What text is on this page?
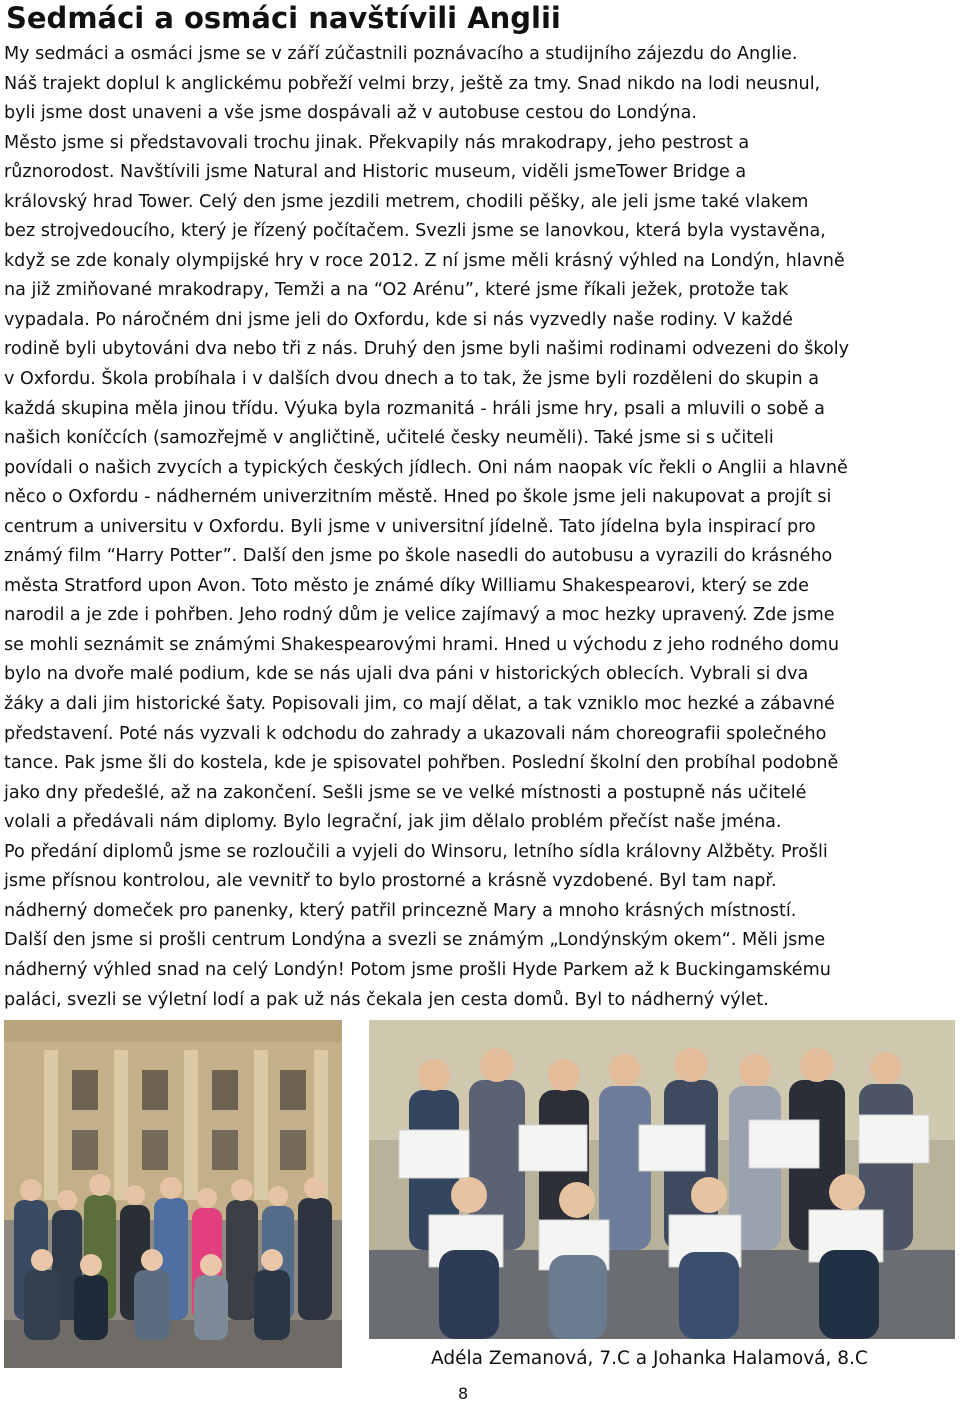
Sedmáci a osmáci navštívili Anglii
My sedmáci a osmáci jsme se v září zúčastnili poznávacího a studijního zájezdu do Anglie.
Náš trajekt doplul k anglickému pobřeží velmi brzy, ještě za tmy. Snad nikdo na lodi neusnul,
byli jsme dost unaveni a vše jsme dospávali až v autobuse cestou do Londýna.
Město jsme si představovali trochu jinak. Překvapily nás mrakodrapy, jeho pestrost a
různorodost. Navštívili jsme Natural and Historic museum, viděli jsmeTower Bridge a
královský hrad Tower. Celý den jsme jezdili metrem, chodili pěšky, ale jeli jsme také vlakem
bez strojvedoucího, který je řízený počítačem. Svezli jsme se lanovkou, která byla vystavěna,
když se zde konaly olympijské hry v roce 2012. Z ní jsme měli krásný výhled na Londýn, hlavně
na již zmiňované mrakodrapy, Temži a na “O2 Arénu”, které jsme říkali ježek, protože tak
vypadala. Po náročném dni jsme jeli do Oxfordu, kde si nás vyzvedly naše rodiny. V každé
rodině byli ubytováni dva nebo tři z nás. Druhý den jsme byli našimi rodinami odvezeni do školy
v Oxfordu. Škola probíhala i v dalších dvou dnech a to tak, že jsme byli rozděleni do skupin a
každá skupina měla jinou třídu. Výuka byla rozmanitá - hráli jsme hry, psali a mluvili o sobě a
našich koníčcích (samozřejmě v angličtině, učitelé česky neuměli). Také jsme si s učiteli
povídali o našich zvycích a typických českých jídlech. Oni nám naopak víc řekli o Anglii a hlavně
něco o Oxfordu - nádherném univerzitním městě. Hned po škole jsme jeli nakupovat a projít si
centrum a universitu v Oxfordu. Byli jsme v universitní jídelně. Tato jídelna byla inspirací pro
známý film “Harry Potter”. Další den jsme po škole nasedli do autobusu a vyrazili do krásného
města Stratford upon Avon. Toto město je známé díky Williamu Shakespearovi, který se zde
narodil a je zde i pohřben. Jeho rodný dům je velice zajímavý a moc hezky upravený. Zde jsme
se mohli seznámit se známými Shakespearovými hrami. Hned u východu z jeho rodného domu
bylo na dvoře malé podium, kde se nás ujali dva páni v historických oblecích. Vybrali si dva
žáky a dali jim historické šaty. Popisovali jim, co mají dělat, a tak vzniklo moc hezké a zábavné
představení. Poté nás vyzvali k odchodu do zahrady a ukazovali nám choreografii společného
tance. Pak jsme šli do kostela, kde je spisovatel pohřben. Poslední školní den probíhal podobně
jako dny předešlé, až na zakončení. Sešli jsme se ve velké místnosti a postupně nás učitelé
volali a předávali nám diplomy. Bylo legrační, jak jim dělalo problém přečíst naše jména.
Po předání diplomů jsme se rozloučili a vyjeli do Winsoru, letního sídla královny Alžběty. Prošli
jsme přísnou kontrolou, ale vevnitř to bylo prostorné a krásně vyzdobené. Byl tam např.
nádherný domeček pro panenky, který patřil princezně Mary a mnoho krásných místností.
Další den jsme si prošli centrum Londýna a svezli se známým „Londýnským okem“. Měli jsme
nádherný výhled snad na celý Londýn! Potom jsme prošli Hyde Parkem až k Buckingamskému
paláci, svezli se výletní lodí a pak už nás čekala jen cesta domů. Byl to nádherný výlet.

Adéla Zemanová, 7.C a Johanka Halamová, 8.C

8
